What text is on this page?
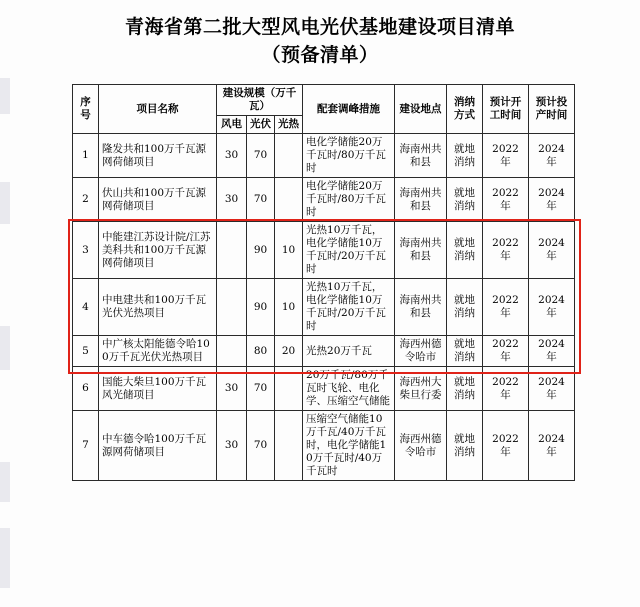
青海省第二批大型风电光伏基地建设项目清单
（预备清单）
序号	项目名称	建设规模（万千瓦）			配套调峰措施	建设地点	消纳方式	预计开工时间	预计投产时间
		风电	光伏	光热					
1	隆发共和100万千瓦源网荷储项目	30	70		电化学储能20万千瓦时/80万千瓦时	海南州共和县	就地消纳	2022 年	2024 年
2	伏山共和100万千瓦源网荷储项目	30	70		电化学储能20万千瓦时/80万千瓦时	海南州共和县	就地消纳	2022 年	2024 年
3	中能建江苏设计院/江苏美科共和100万千瓦源网荷储项目		90	10	光热10万千瓦，电化学储能10万千瓦时/20万千瓦时	海南州共和县	就地消纳	2022 年	2024 年
4	中电建共和100万千瓦光伏光热项目		90	10	光热10万千瓦，电化学储能10万千瓦时/20万千瓦时	海南州共和县	就地消纳	2022 年	2024 年
5	中广核太阳能德令哈100万千瓦光伏光热项目		80	20	光热20万千瓦	海西州德令哈市	就地消纳	2022 年	2024 年
6	国能大柴旦100万千瓦风光储项目	30	70		20万千瓦/80万千瓦时飞轮、电化学、压缩空气储能	海西州大柴旦行委	就地消纳	2022 年	2024 年
7	中车德令哈100万千瓦源网荷储项目	30	70		压缩空气储能10万千瓦/40万千瓦时，电化学储能10万千瓦时/40万千瓦时	海西州德令哈市	就地消纳	2022 年	2024 年
